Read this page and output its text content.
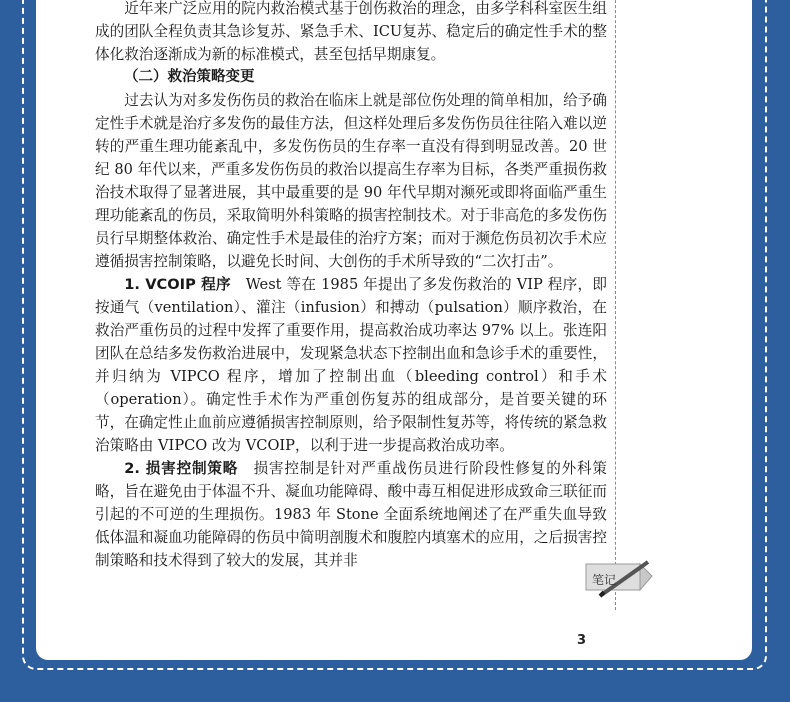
近年来广泛应用的院内救治模式基于创伤救治的理念，由多学科科室医生组成的团队全程负责其急诊复苏、紧急手术、ICU复苏、稳定后的确定性手术的整体化救治逐渐成为新的标准模式，甚至包括早期康复。

（二）救治策略变更

过去认为对多发伤伤员的救治在临床上就是部位伤处理的简单相加，给予确定性手术就是治疗多发伤的最佳方法，但这样处理后多发伤伤员往往陷入难以逆转的严重生理功能紊乱中，多发伤伤员的生存率一直没有得到明显改善。20 世纪 80 年代以来，严重多发伤伤员的救治以提高生存率为目标，各类严重损伤救治技术取得了显著进展，其中最重要的是 90 年代早期对濒死或即将面临严重生理功能紊乱的伤员，采取简明外科策略的损害控制技术。对于非高危的多发伤伤员行早期整体救治、确定性手术是最佳的治疗方案；而对于濒危伤员初次手术应遵循损害控制策略，以避免长时间、大创伤的手术所导致的“二次打击”。

1. VCOIP 程序　 West 等在 1985 年提出了多发伤救治的 VIP 程序，即按通气（ventilation）、灌注（infusion）和搏动（pulsation）顺序救治，在救治严重伤员的过程中发挥了重要作用，提高救治成功率达 97% 以上。张连阳团队在总结多发伤救治进展中，发现紧急状态下控制出血和急诊手术的重要性，并归纳为 VIPCO 程序，增加了控制出血（bleeding control）和手术（operation）。确定性手术作为严重创伤复苏的组成部分，是首要关键的环节，在确定性止血前应遵循损害控制原则，给予限制性复苏等，将传统的紧急救治策略由 VIPCO 改为 VCOIP，以利于进一步提高救治成功率。

2. 损害控制策略　 损害控制是针对严重战伤员进行阶段性修复的外科策略，旨在避免由于体温不升、凝血功能障碍、酸中毒互相促进形成致命三联征而引起的不可逆的生理损伤。1983 年 Stone 全面系统地阐述了在严重失血导致低体温和凝血功能障碍的伤员中简明剖腹术和腹腔内填塞术的应用，之后损害控制策略和技术得到了较大的发展，其并非

笔记
3
